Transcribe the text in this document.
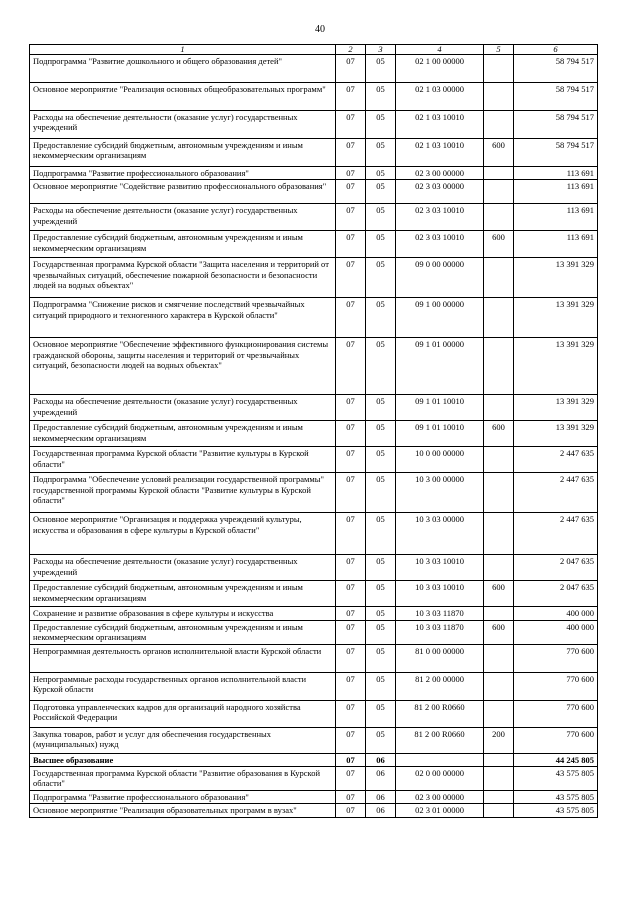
40
1	2	3	4	5	6
Подпрограмма "Развитие дошкольного и общего образования детей"	07	05	02 1 00 00000		58 794 517
Основное мероприятие "Реализация основных общеобразовательных программ"	07	05	02 1 03 00000		58 794 517
Расходы на обеспечение деятельности (оказание услуг) государственных учреждений	07	05	02 1 03 10010		58 794 517
Предоставление субсидий бюджетным, автономным учреждениям и иным некоммерческим организациям	07	05	02 1 03 10010	600	58 794 517
Подпрограмма "Развитие профессионального образования"	07	05	02 3 00 00000		113 691
Основное мероприятие "Содействие развитию профессионального образования"	07	05	02 3 03 00000		113 691
Расходы на обеспечение деятельности (оказание услуг) государственных учреждений	07	05	02 3 03 10010		113 691
Предоставление субсидий бюджетным, автономным учреждениям и иным некоммерческим организациям	07	05	02 3 03 10010	600	113 691
Государственная программа Курской области "Защита населения и территорий от чрезвычайных ситуаций, обеспечение пожарной безопасности и безопасности людей на водных объектах"	07	05	09 0 00 00000		13 391 329
Подпрограмма "Снижение рисков и смягчение последствий чрезвычайных ситуаций природного и техногенного характера в Курской области"	07	05	09 1 00 00000		13 391 329
Основное мероприятие "Обеспечение эффективного функционирования системы гражданской обороны, защиты населения и территорий от чрезвычайных ситуаций, безопасности людей на водных объектах"	07	05	09 1 01 00000		13 391 329
Расходы на обеспечение деятельности (оказание услуг) государственных учреждений	07	05	09 1 01 10010		13 391 329
Предоставление субсидий бюджетным, автономным учреждениям и иным некоммерческим организациям	07	05	09 1 01 10010	600	13 391 329
Государственная программа Курской области "Развитие культуры в Курской области"	07	05	10 0 00 00000		2 447 635
Подпрограмма "Обеспечение условий реализации государственной программы" государственной программы Курской области "Развитие культуры в Курской области"	07	05	10 3 00 00000		2 447 635
Основное мероприятие "Организация и поддержка учреждений культуры, искусства и образования в сфере культуры в Курской области"	07	05	10 3 03 00000		2 447 635
Расходы на обеспечение деятельности (оказание услуг) государственных учреждений	07	05	10 3 03 10010		2 047 635
Предоставление субсидий бюджетным, автономным учреждениям и иным некоммерческим организациям	07	05	10 3 03 10010	600	2 047 635
Сохранение и развитие образования в сфере культуры и искусства	07	05	10 3 03 11870		400 000
Предоставление субсидий бюджетным, автономным учреждениям и иным некоммерческим организациям	07	05	10 3 03 11870	600	400 000
Непрограммная деятельность органов исполнительной власти Курской области	07	05	81 0 00 00000		770 600
Непрограммные расходы государственных органов исполнительной власти Курской области	07	05	81 2 00 00000		770 600
Подготовка управленческих кадров для организаций народного хозяйства Российской Федерации	07	05	81 2 00 R0660		770 600
Закупка товаров, работ и услуг для обеспечения государственных (муниципальных) нужд	07	05	81 2 00 R0660	200	770 600
Высшее образование	07	06			44 245 805
Государственная программа Курской области "Развитие образования в Курской области"	07	06	02 0 00 00000		43 575 805
Подпрограмма "Развитие профессионального образования"	07	06	02 3 00 00000		43 575 805
Основное мероприятие "Реализация образовательных программ в вузах"	07	06	02 3 01 00000		43 575 805
